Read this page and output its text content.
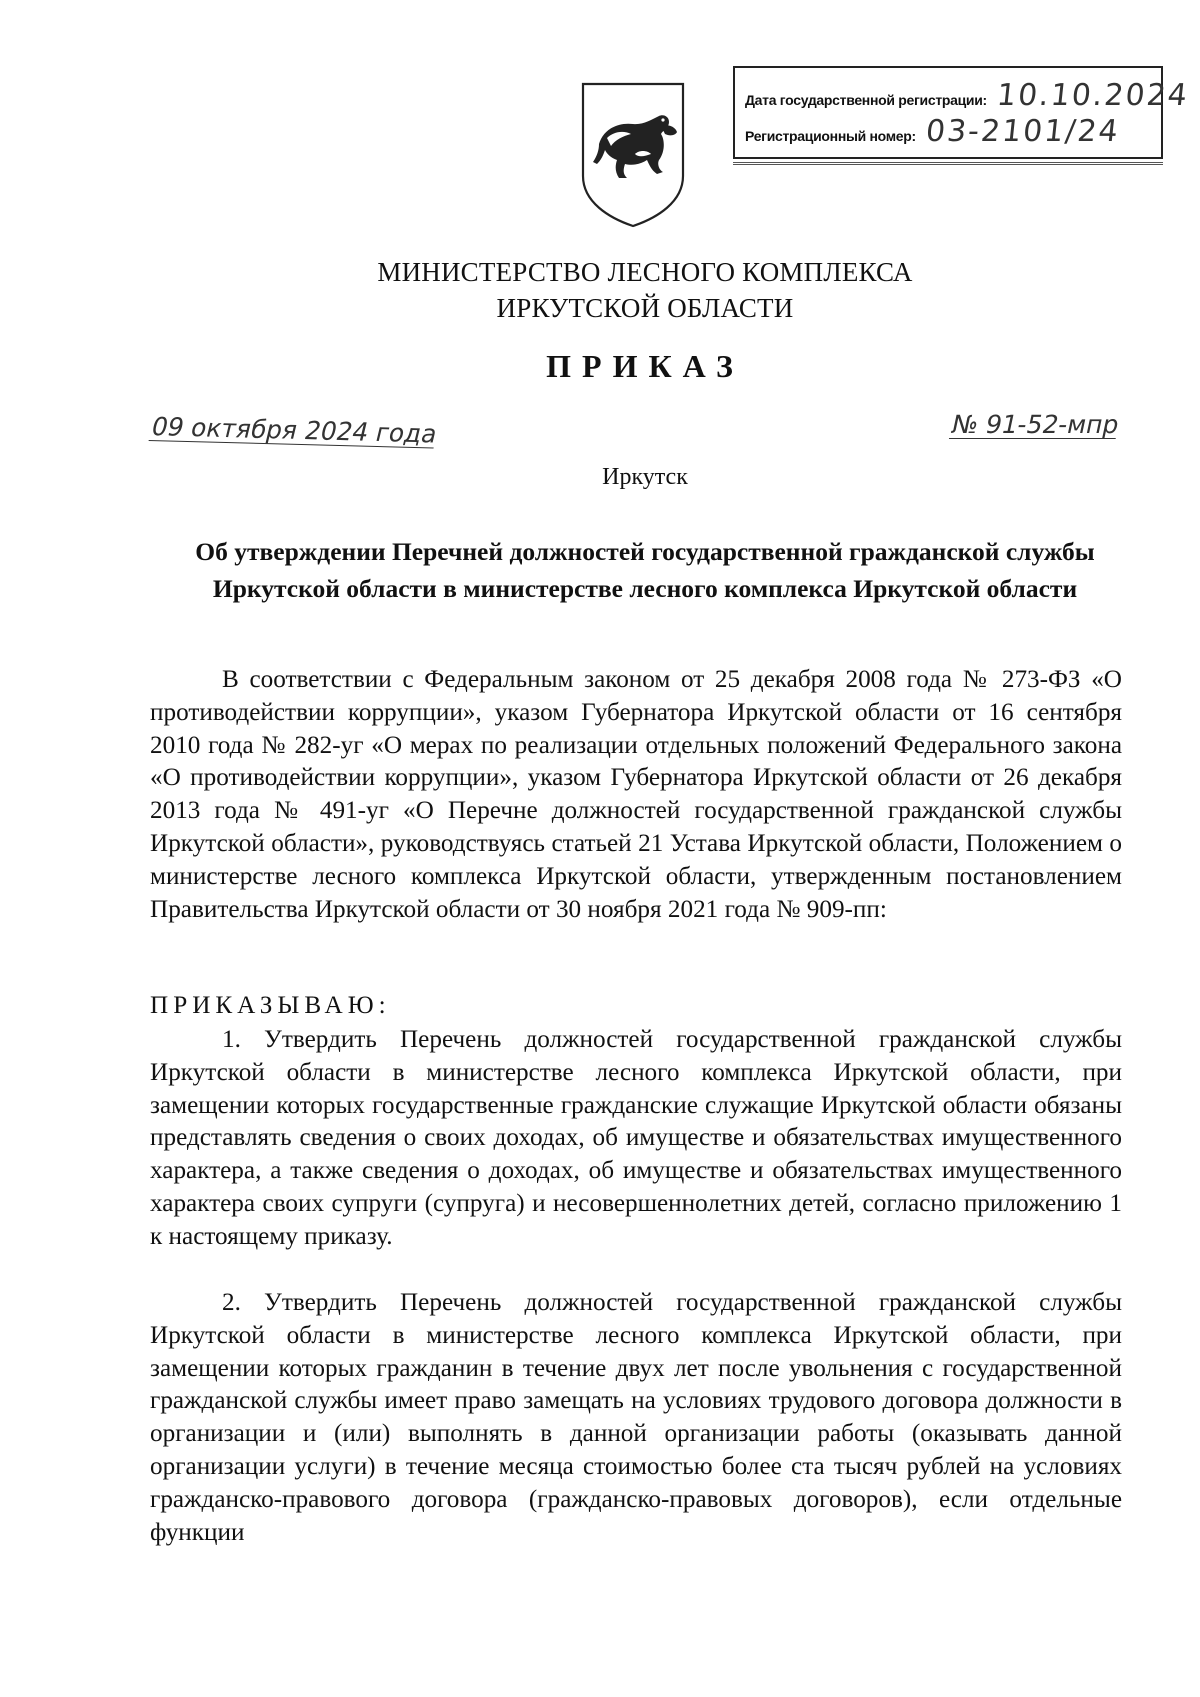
Дата государственной регистрации: 10.10.2024
Регистрационный номер: 03-2101/24
МИНИСТЕРСТВО ЛЕСНОГО КОМПЛЕКСА
ИРКУТСКОЙ ОБЛАСТИ
ПРИКАЗ
09 октября 2024 года	№ 91-52-мпр
Иркутск
Об утверждении Перечней должностей государственной гражданской службы Иркутской области в министерстве лесного комплекса Иркутской области

В соответствии с Федеральным законом от 25 декабря 2008 года № 273-ФЗ «О противодействии коррупции», указом Губернатора Иркутской области от 16 сентября 2010 года № 282-уг «О мерах по реализации отдельных положений Федерального закона «О противодействии коррупции», указом Губернатора Иркутской области от 26 декабря 2013 года № 491-уг «О Перечне должностей государственной гражданской службы Иркутской области», руководствуясь статьей 21 Устава Иркутской области, Положением о министерстве лесного комплекса Иркутской области, утвержденным постановлением Правительства Иркутской области от 30 ноября 2021 года № 909-пп:

ПРИКАЗЫВАЮ:

1. Утвердить Перечень должностей государственной гражданской службы Иркутской области в министерстве лесного комплекса Иркутской области, при замещении которых государственные гражданские служащие Иркутской области обязаны представлять сведения о своих доходах, об имуществе и обязательствах имущественного характера, а также сведения о доходах, об имуществе и обязательствах имущественного характера своих супруги (супруга) и несовершеннолетних детей, согласно приложению 1 к настоящему приказу.

2. Утвердить Перечень должностей государственной гражданской службы Иркутской области в министерстве лесного комплекса Иркутской области, при замещении которых гражданин в течение двух лет после увольнения с государственной гражданской службы имеет право замещать на условиях трудового договора должности в организации и (или) выполнять в данной организации работы (оказывать данной организации услуги) в течение месяца стоимостью более ста тысяч рублей на условиях гражданско-правового договора (гражданско-правовых договоров), если отдельные функции
